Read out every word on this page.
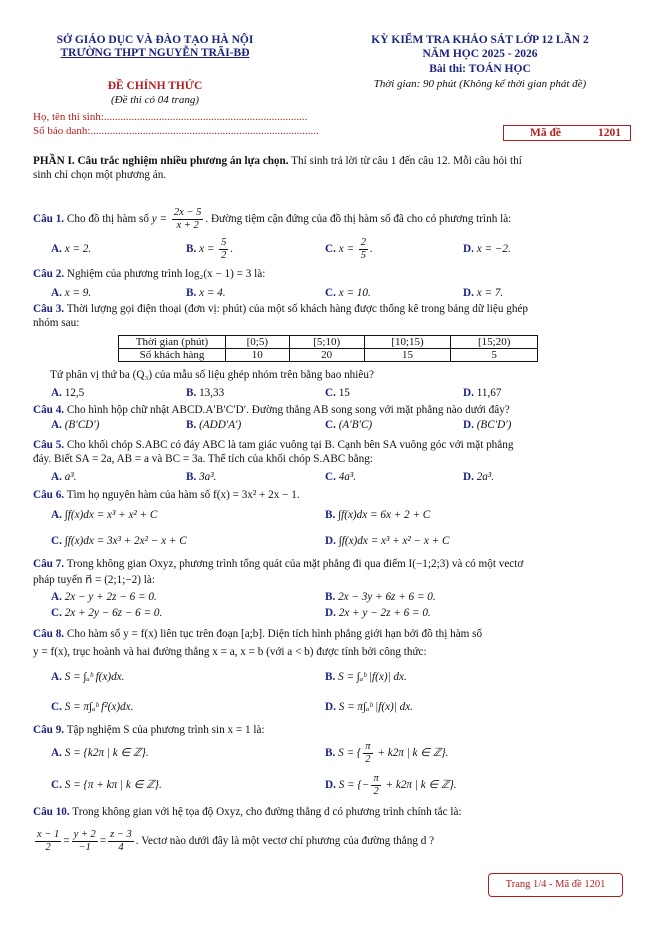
SỞ GIÁO DỤC VÀ ĐÀO TẠO HÀ NỘI
TRƯỜNG THPT NGUYỄN TRÃI-BĐ
KỲ KIỂM TRA KHẢO SÁT LỚP 12 LẦN 2
NĂM HỌC 2025 - 2026
Bài thi: TOÁN HỌC
ĐỀ CHÍNH THỨC
(Đề thi có 04 trang)
Thời gian: 90 phút (Không kể thời gian phát đề)
Họ, tên thí sinh:..........................................................................
Số báo danh:...................................................................................	Mã đề	1201
PHẦN I. Câu trắc nghiệm nhiều phương án lựa chọn. Thí sinh trả lời từ câu 1 đến câu 12. Mỗi câu hỏi thí
sinh chỉ chọn một phương án.
Câu 1. Cho đồ thị hàm số $y = \frac{2x - 5}{x + 2}$ . Đường tiệm cận đứng của đồ thị hàm số đã cho có phương trình là:
A. x = 2.	B. $x = \frac{5}{2}$ .	C. $x = \frac{2}{5}$ .	D. x = −2.
Câu 2. Nghiệm của phương trình log₂(x − 1) = 3 là:
A. x = 9.	B. x = 4.	C. x = 10.	D. x = 7.
Câu 3. Thời lượng gọi điện thoại (đơn vị: phút) của một số khách hàng được thống kê trong bảng dữ liệu ghép
nhóm sau:
Thời gian (phút)	[0;5)	[5;10)	[10;15)	[15;20)
Số khách hàng	10	20	15	5
Tứ phân vị thứ ba (Q₃) của mẫu số liệu ghép nhóm trên bằng bao nhiêu?
A. 12,5	B. 13,33	C. 15	D. 11,67
Câu 4. Cho hình hộp chữ nhật ABCD.A′B′C′D′. Đường thẳng AB song song với mặt phẳng nào dưới đây?
A. (B′CD′)	B. (ADD′A′)	C. (A′B′C)	D. (BC′D′)
Câu 5. Cho khối chóp S.ABC có đáy ABC là tam giác vuông tại B. Cạnh bên SA vuông góc với mặt phẳng
đáy. Biết SA = 2a, AB = a và BC = 3a. Thể tích của khối chóp S.ABC bằng:
A. a³.	B. 3a³.	C. 4a³.	D. 2a³.
Câu 6. Tìm họ nguyên hàm của hàm số f(x) = 3x² + 2x − 1.
A. ∫f(x)dx = x³ + x² + C	B. ∫f(x)dx = 6x + 2 + C
C. ∫f(x)dx = 3x³ + 2x² − x + C	D. ∫f(x)dx = x³ + x² − x + C
Câu 7. Trong không gian Oxyz, phương trình tổng quát của mặt phẳng đi qua điểm I(−1;2;3) và có một vectơ
pháp tuyến n⃗ = (2;1;−2) là:
A. 2x − y + 2z − 6 = 0.	B. 2x − 3y + 6z + 6 = 0.
C. 2x + 2y − 6z − 6 = 0.	D. 2x + y − 2z + 6 = 0.
Câu 8. Cho hàm số y = f(x) liên tục trên đoạn [a;b]. Diện tích hình phẳng giới hạn bởi đồ thị hàm số
y = f(x), trục hoành và hai đường thẳng x = a, x = b (với a < b) được tính bởi công thức:
A. S = ∫ₐᵇ f(x)dx.	B. S = ∫ₐᵇ |f(x)| dx.
C. S = π∫ₐᵇ f²(x)dx.	D. S = π∫ₐᵇ |f(x)| dx.
Câu 9. Tập nghiệm S của phương trình sin x = 1 là:
A. S = {k2π | k ∈ ℤ}.	B. S = { $\frac{\pi}{2} + k2\pi$ | k ∈ ℤ}.
C. S = {π + kπ | k ∈ ℤ}.	D. S = {− $\frac{\pi}{2} + k2\pi$ | k ∈ ℤ}.
Câu 10. Trong không gian với hệ tọa độ Oxyz, cho đường thẳng d có phương trình chính tắc là:
$\frac{x - 1}{2} = \frac{y + 2}{-1} = \frac{z - 3}{4}$ . Vectơ nào dưới đây là một vectơ chỉ phương của đường thẳng d ?
Trang 1/4 - Mã đề 1201
